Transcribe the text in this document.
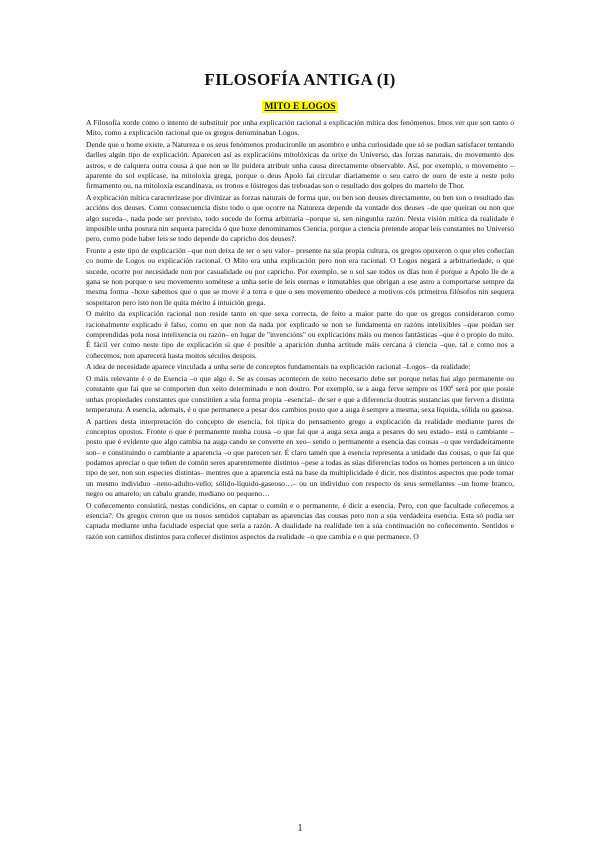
FILOSOFÍA ANTIGA (I)
MITO E LOGOS

A Filosofía xorde como o intento de substituír por unha explicación racional a explicación mítica dos fenómenos. Imos ver que son tanto o Mito, como a explicación racional que os gregos denominaban Logos.

Dende que o home existe, a Natureza e os seus fenómenos producironlle un asombro e unha curiosidade que só se podían satisfacer tentando darlles algún tipo de explicación. Aparecen así as explicacións mitolóxicas da orixe do Universo, das forzas naturais, do movemento dos astros, e de calquera outra cousa á que non se lle puidera atribuír unha causa directamente observable. Así, por exemplo, o movemento –aparente do sol explícase, na mitoloxía grega, porque o deus Apolo fai circular diariamente o seu carro de ouro de este a oeste polo firmamento ou, na mitoloxía escandinava, os tronos e lóstregos das treboadas son o resultado dos golpes do martelo de Thor.

A explicación mítica caracterízase por divinizar as forzas naturais de forma que, ou ben son deuses directamente, ou ben son o resultado das accións dos deuses. Como consecuencia disto todo o que ocorre na Natureza depende da vontade dos deuses –de que queiran ou non que algo suceda–, nada pode ser previsto, todo sucede de forma arbitraria –porque si, sen ningunha razón. Nesta visión mítica da realidade é imposible unha postura nin sequera parecida ó que hoxe denominamos Ciencia, porque a ciencia pretende atopar leis constantes no Universo pero, como pode haber leis se todo depende do capricho dos deuses?.

Fronte a este tipo de explicación –que non deixa de ter o seu valor– presente na súa propia cultura, os gregos opuxeron o que eles coñecían co nome de Logos ou explicación racional. O Mito era unha explicación pero non era racional. O Logos negará a arbitrariedade, o que sucede, ocorre por necesidade non por casualidade ou por capricho. Por exemplo, se o sol sae todos os días non é porque a Apolo lle de a gana se non porque o seu movemento sométese a unha serie de leis eternas e inmutables que obrigan a ese astro a comportarse sempre da mesma forma –hoxe sabemos que o que se move é a terra e que o seu movemento obedece a motivos cós primeiros filósofos nin sequera sospeitaron pero isto non lle quita mérito á intuición grega.

O mérito da explicación racional non reside tanto en que sexa correcta, de feito a maior parte do que os gregos consideraron como racionalmente explicado é falso, como en que non da nada por explicado se non se fundamenta en razóns intelixibles –que poidan ser comprendidas pola nosa intelixencia ou razón– en lugar de "invencións" ou explicacións máis ou menos fantásticas –que é o propio do mito. É fácil ver como neste tipo de explicación si que é posible a aparición dunha actitude máis cercana á ciencia –que, tal e como nos a coñecemos, non aparecerá hasta moitos séculos despois.

A idea de necesidade aparece vinculada a unha serie de conceptos fundamentais na explicación racional –Logos– da realidade:

O máis relevante é o de Esencia –o que algo é. Se as cousas acontecen de xeito necesario debe ser porque nelas hai algo permanente ou constante que fai que se comporten dun xeito determinado e non doutro. Por exemplo, se a auga ferve sempre os 100º será por que posúe unhas propiedades constantes que constitúen a súa forma propia –esencial– de ser e que a diferencia doutras sustancias que ferven a distinta temperatura. A esencia, ademais, é o que permanece a pesar dos cambios posto que a auga é sempre a mesma, sexa líquida, sólida ou gasosa.

A partires desta interpretación do concepto de esencia, foi típica do pensamento grego a explicación da realidade mediante pares de conceptos opostos. Fronte o que é permanente nunha cousa –o que fai que a auga sexa auga a pesares do seu estado– está o cambiante –posto que é evidente que algo cambia na auga cando se converte en xeo– sendo o permanente a esencia das cousas –o que verdadeiramente son– e constituíndo o cambiante a aparencia –o que parecen ser. É claro tamén que a esencia representa a unidade das cousas, o que fai que podamos apreciar o que teñen de común seres aparentemente distintos –pese a todas as súas diferencias todos os homes pertencen a un único tipo de ser, non son especies distintas– mentres que a aparencia está na base da multiplicidade é dicir, nos distintos aspectos que pode tomar un mesmo individuo –neno-adulto-vello; sólido-líquido-gaseoso…– ou un individuo con respecto ós seus semellantes –un home branco, negro ou amarelo; un cabalo grande, mediano ou pequeno…

O coñecemento consistirá, nestas condicións, en captar o común e o permanente, é dicir a esencia. Pero, con que facultade coñecemos a esencia?. Os gregos creron que os nosos sentidos captaban as aparencias das cousas pero non a súa verdadeira esencia. Esta só podía ser captada mediante unha facultade especial que sería a razón. A dualidade na realidade ten a súa continuación no coñecemento. Sentidos e razón son camiños distintos para coñecer distintos aspectos da realidade –o que cambia e o que permanece. O

1
